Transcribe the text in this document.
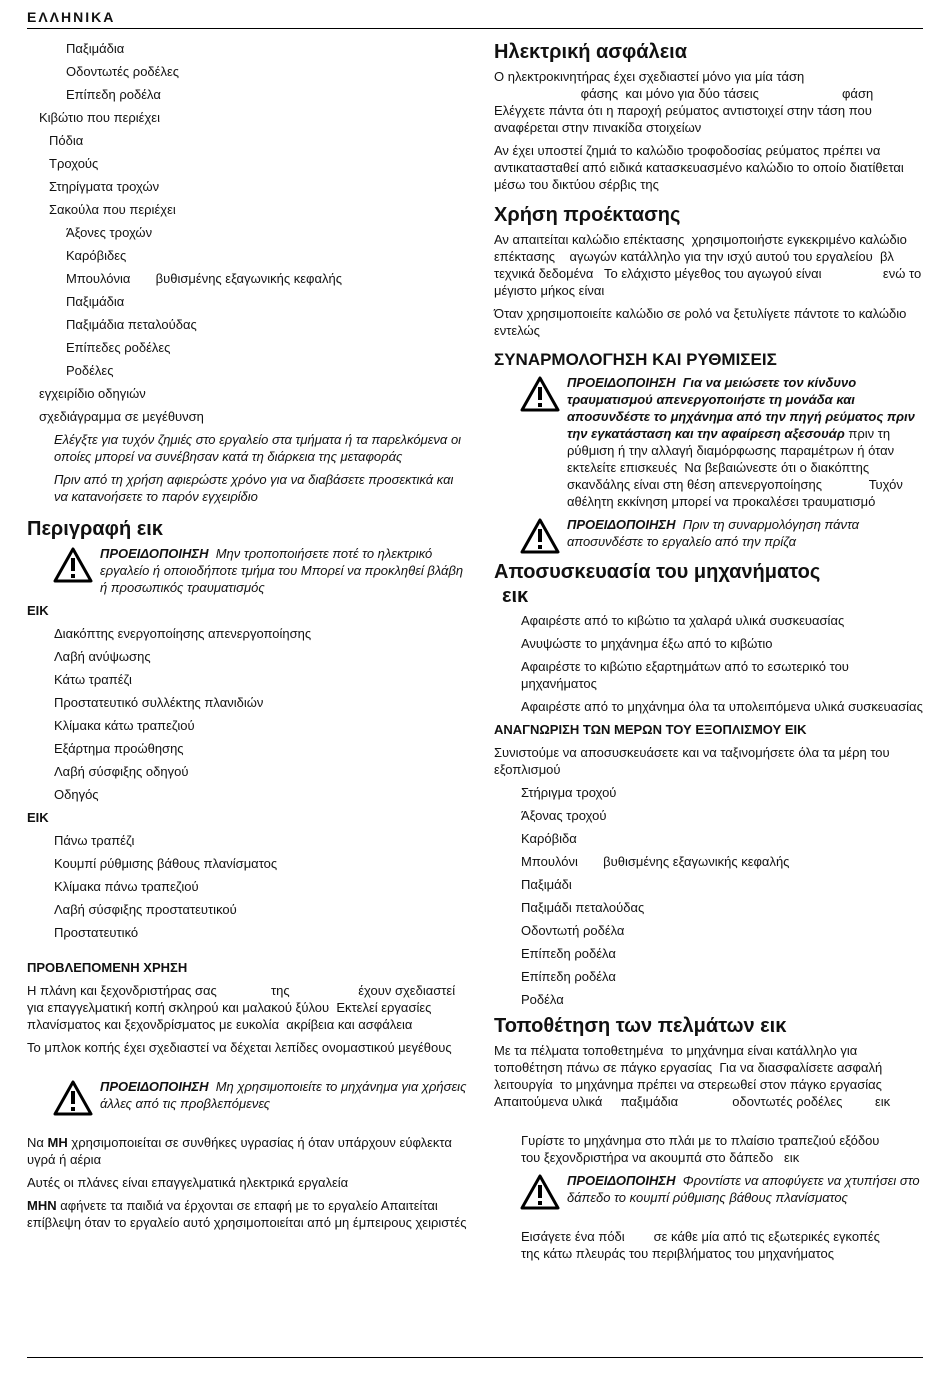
ΕΛΛΗΝΙΚΑ
Παξιμάδια
Οδοντωτές ροδέλες
Επίπεδη ροδέλα
Κιβώτιο που περιέχει
Πόδια
Τροχούς
Στηρίγματα τροχών
Σακούλα που περιέχει
Άξονες τροχών
Καρόβιδες
Μπουλόνια       βυθισμένης εξαγωνικής κεφαλής
Παξιμάδια
Παξιμάδια πεταλούδας
Επίπεδες ροδέλες
Ροδέλες
εγχειρίδιο οδηγιών
σχεδιάγραμμα σε μεγέθυνση
Ελέγξτε για τυχόν ζημιές στο εργαλείο στα τμήματα ή τα παρελκόμενα οι οποίες μπορεί να συνέβησαν κατά τη διάρκεια της μεταφοράς
Πριν από τη χρήση αφιερώστε χρόνο για να διαβάσετε προσεκτικά και να κατανοήσετε το παρόν εγχειρίδιο
Περιγραφή εικ
ΠΡΟΕΙΔΟΠΟΙΗΣΗ Μην τροποποιήσετε ποτέ το ηλεκτρικό εργαλείο ή οποιοδήποτε τμήμα του Μπορεί να προκληθεί βλάβη ή προσωπικός τραυματισμός
ΕΙΚ
Διακόπτης ενεργοποίησης απενεργοποίησης
Λαβή ανύψωσης
Κάτω τραπέζι
Προστατευτικό συλλέκτης πλανιδιών
Κλίμακα κάτω τραπεζιού
Εξάρτημα προώθησης
Λαβή σύσφιξης οδηγού
Οδηγός
ΕΙΚ
Πάνω τραπέζι
Κουμπί ρύθμισης βάθους πλανίσματος
Κλίμακα πάνω τραπεζιού
Λαβή σύσφιξης προστατευτικού
Προστατευτικό
ΠΡΟΒΛΕΠΟΜΕΝΗ ΧΡΗΣΗ
Η πλάνη και ξεχονδριστήρας σας               της                   έχουν σχεδιαστεί για επαγγελματική κοπή σκληρού και μαλακού ξύλου  Εκτελεί εργασίες πλανίσματος και ξεχονδρίσματος με ευκολία  ακρίβεια και ασφάλεια
Το μπλοκ κοπής έχει σχεδιαστεί να δέχεται λεπίδες ονομαστικού μεγέθους
ΠΡΟΕΙΔΟΠΟΙΗΣΗ Μη χρησιμοποιείτε το μηχάνημα για χρήσεις άλλες από τις προβλεπόμενες
Να ΜΗ χρησιμοποιείται σε συνθήκες υγρασίας ή όταν υπάρχουν εύφλεκτα υγρά ή αέρια
Αυτές οι πλάνες είναι επαγγελματικά ηλεκτρικά εργαλεία
ΜΗΝ αφήνετε τα παιδιά να έρχονται σε επαφή με το εργαλείο Απαιτείται επίβλεψη όταν το εργαλείο αυτό χρησιμοποιείται από μη έμπειρους χειριστές
Ηλεκτρική ασφάλεια
Ο ηλεκτροκινητήρας έχει σχεδιαστεί μόνο για μία τάση
φάσης  και μόνο για δύο τάσεις                       φάση
Ελέγχετε πάντα ότι η παροχή ρεύματος αντιστοιχεί στην τάση που αναφέρεται στην πινακίδα στοιχείων
Αν έχει υποστεί ζημιά το καλώδιο τροφοδοσίας ρεύματος πρέπει να αντικατασταθεί από ειδικά κατασκευασμένο καλώδιο το οποίο διατίθεται μέσω του δικτύου σέρβις της
Χρήση προέκτασης
Αν απαιτείται καλώδιο επέκτασης  χρησιμοποιήστε εγκεκριμένο καλώδιο επέκτασης    αγωγών κατάλληλο για την ισχύ αυτού του εργαλείου  βλ  τεχνικά δεδομένα   Το ελάχιστο μέγεθος του αγωγού είναι                 ενώ το μέγιστο μήκος είναι
Όταν χρησιμοποιείτε καλώδιο σε ρολό να ξετυλίγετε πάντοτε το καλώδιο εντελώς
ΣΥΝΑΡΜΟΛΟΓΗΣΗ ΚΑΙ ΡΥΘΜΙΣΕΙΣ
ΠΡΟΕΙΔΟΠΟΙΗΣΗ Για να μειώσετε τον κίνδυνο τραυματισμού απενεργοποιήστε τη μονάδα και αποσυνδέστε το μηχάνημα από την πηγή ρεύματος πριν την εγκατάσταση και την αφαίρεση αξεσουάρ πριν τη ρύθμιση ή την αλλαγή διαμόρφωσης παραμέτρων ή όταν εκτελείτε επισκευές  Να βεβαιώνεστε ότι ο διακόπτης σκανδάλης είναι στη θέση απενεργοποίησης             Τυχόν αθέλητη εκκίνηση μπορεί να προκαλέσει τραυματισμό
ΠΡΟΕΙΔΟΠΟΙΗΣΗ Πριν τη συναρμολόγηση πάντα αποσυνδέστε το εργαλείο από την πρίζα
Αποσυσκευασία του μηχανήματος
εικ
Αφαιρέστε από το κιβώτιο τα χαλαρά υλικά συσκευασίας
Ανυψώστε το μηχάνημα έξω από το κιβώτιο
Αφαιρέστε το κιβώτιο εξαρτημάτων από το εσωτερικό του μηχανήματος
Αφαιρέστε από το μηχάνημα όλα τα υπολειπόμενα υλικά συσκευασίας
ΑΝΑΓΝΩΡΙΣΗ ΤΩΝ ΜΕΡΩΝ ΤΟΥ ΕΞΟΠΛΙΣΜΟΥ ΕΙΚ
Συνιστούμε να αποσυσκευάσετε και να ταξινομήσετε όλα τα μέρη του εξοπλισμού
Στήριγμα τροχού
Άξονας τροχού
Καρόβιδα
Μπουλόνι       βυθισμένης εξαγωνικής κεφαλής
Παξιμάδι
Παξιμάδι πεταλούδας
Οδοντωτή ροδέλα
Επίπεδη ροδέλα
Επίπεδη ροδέλα
Ροδέλα
Τοποθέτηση των πελμάτων εικ
Με τα πέλματα τοποθετημένα  το μηχάνημα είναι κατάλληλο για τοποθέτηση πάνω σε πάγκο εργασίας  Για να διασφαλίσετε ασφαλή λειτουργία  το μηχάνημα πρέπει να στερεωθεί στον πάγκο εργασίας  Απαιτούμενα υλικά     παξιμάδια               οδοντωτές ροδέλες         εικ
Γυρίστε το μηχάνημα στο πλάι με το πλαίσιο τραπεζιού εξόδου        του ξεχονδριστήρα να ακουμπά στο δάπεδο   εικ
ΠΡΟΕΙΔΟΠΟΙΗΣΗ Φροντίστε να αποφύγετε να χτυπήσει στο δάπεδο το κουμπί ρύθμισης βάθους πλανίσματος
Εισάγετε ένα πόδι        σε κάθε μία από τις εξωτερικές εγκοπές        της κάτω πλευράς του περιβλήματος του μηχανήματος
